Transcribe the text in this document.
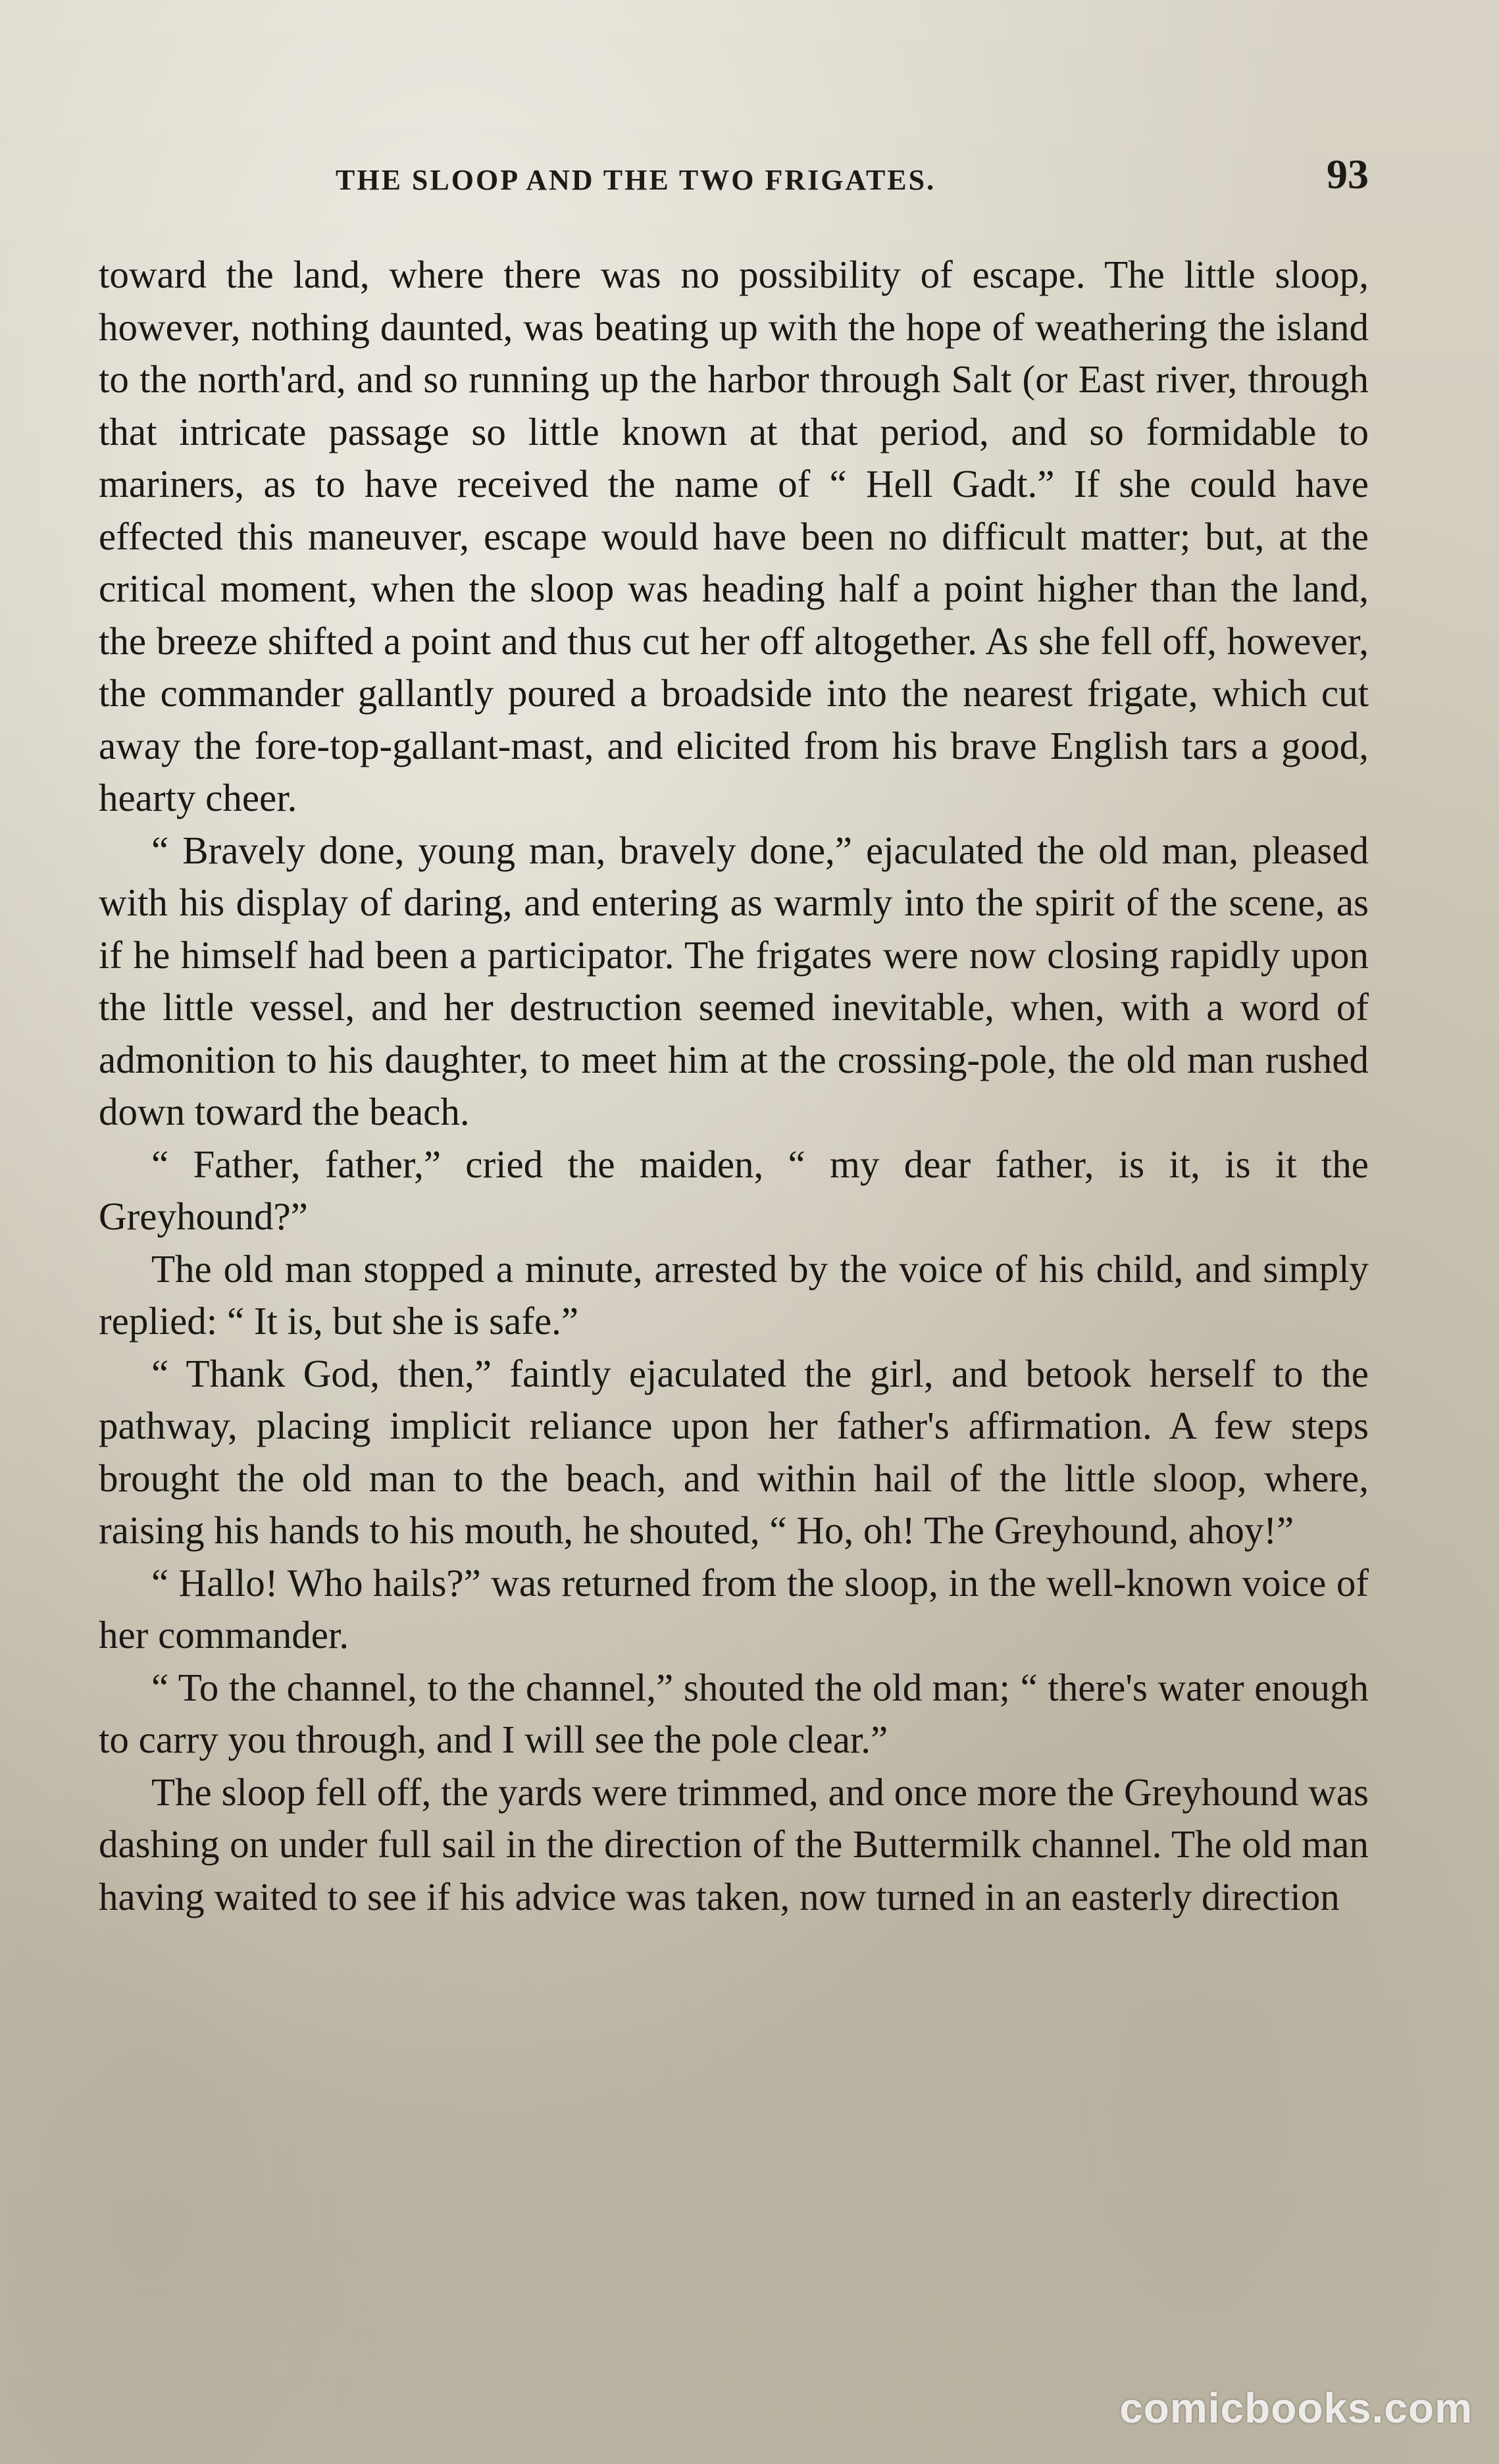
THE SLOOP AND THE TWO FRIGATES.	93

toward the land, where there was no possibility of escape. The little sloop, however, nothing daunted, was beating up with the hope of weathering the island to the north'ard, and so running up the harbor through Salt (or East river, through that intricate passage so little known at that period, and so formidable to mariners, as to have received the name of “ Hell Gadt.” If she could have effected this maneuver, escape would have been no difficult matter; but, at the critical moment, when the sloop was heading half a point higher than the land, the breeze shifted a point and thus cut her off altogether. As she fell off, however, the commander gallantly poured a broadside into the nearest frigate, which cut away the fore-top-gallant-mast, and elicited from his brave English tars a good, hearty cheer.

“ Bravely done, young man, bravely done,” ejaculated the old man, pleased with his display of daring, and entering as warmly into the spirit of the scene, as if he himself had been a participator. The frigates were now closing rapidly upon the little vessel, and her destruction seemed inevitable, when, with a word of admonition to his daughter, to meet him at the crossing-pole, the old man rushed down toward the beach.

“ Father, father,” cried the maiden, “ my dear father, is it, is it the Greyhound?”

The old man stopped a minute, arrested by the voice of his child, and simply replied: “ It is, but she is safe.”

“ Thank God, then,” faintly ejaculated the girl, and betook herself to the pathway, placing implicit reliance upon her father's affirmation. A few steps brought the old man to the beach, and within hail of the little sloop, where, raising his hands to his mouth, he shouted, “ Ho, oh! The Greyhound, ahoy!”

“ Hallo! Who hails?” was returned from the sloop, in the well-known voice of her commander.

“ To the channel, to the channel,” shouted the old man; “ there's water enough to carry you through, and I will see the pole clear.”

The sloop fell off, the yards were trimmed, and once more the Greyhound was dashing on under full sail in the direction of the Buttermilk channel. The old man having waited to see if his advice was taken, now turned in an easterly direction

comicbooks.com
